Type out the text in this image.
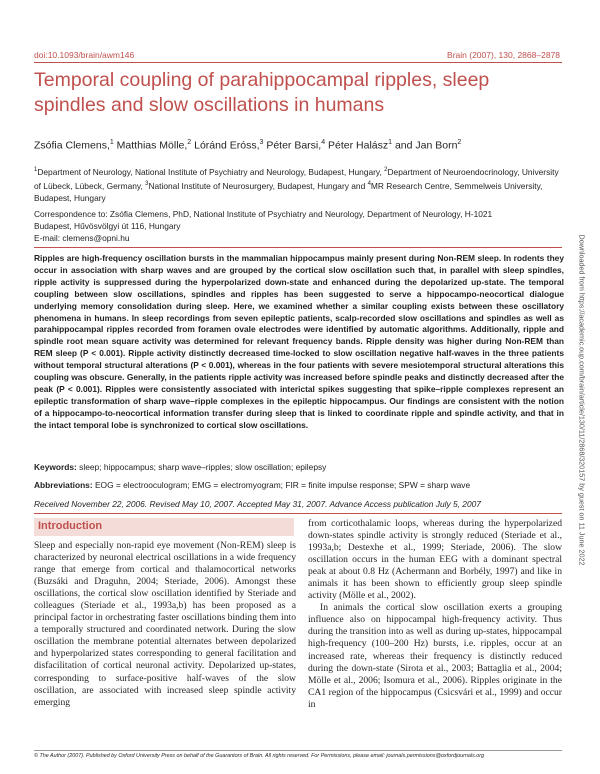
doi:10.1093/brain/awm146	Brain (2007), 130, 2868–2878
Temporal coupling of parahippocampal ripples, sleep spindles and slow oscillations in humans
Zsófia Clemens,$^1$ Matthias Mölle,$^2$ Lóránd Eróss,$^3$ Péter Barsi,$^4$ Péter Halász$^1$ and Jan Born$^2$
$^1$Department of Neurology, National Institute of Psychiatry and Neurology, Budapest, Hungary, $^2$Department of Neuroendocrinology, University of Lübeck, Lübeck, Germany, $^3$National Institute of Neurosurgery, Budapest, Hungary and $^4$MR Research Centre, Semmelweis University, Budapest, Hungary
Correspondence to: Zsófia Clemens, PhD, National Institute of Psychiatry and Neurology, Department of Neurology, H-1021
Budapest, Hűvösvölgyi út 116, Hungary
E-mail: clemens@opni.hu
Ripples are high-frequency oscillation bursts in the mammalian hippocampus mainly present during Non-REM sleep. In rodents they occur in association with sharp waves and are grouped by the cortical slow oscillation such that, in parallel with sleep spindles, ripple activity is suppressed during the hyperpolarized down-state and enhanced during the depolarized up-state. The temporal coupling between slow oscillations, spindles and ripples has been suggested to serve a hippocampo-neocortical dialogue underlying memory consolidation during sleep. Here, we examined whether a similar coupling exists between these oscillatory phenomena in humans. In sleep recordings from seven epileptic patients, scalp-recorded slow oscillations and spindles as well as parahippocampal ripples recorded from foramen ovale electrodes were identified by automatic algorithms. Additionally, ripple and spindle root mean square activity was determined for relevant frequency bands. Ripple density was higher during Non-REM than REM sleep (P < 0.001). Ripple activity distinctly decreased time-locked to slow oscillation negative half-waves in the three patients without temporal structural alterations (P < 0.001), whereas in the four patients with severe mesiotemporal structural alterations this coupling was obscure. Generally, in the patients ripple activity was increased before spindle peaks and distinctly decreased after the peak (P < 0.001). Ripples were consistently associated with interictal spikes suggesting that spike–ripple complexes represent an epileptic transformation of sharp wave–ripple complexes in the epileptic hippocampus. Our findings are consistent with the notion of a hippocampo-to-neocortical information transfer during sleep that is linked to coordinate ripple and spindle activity, and that in the intact temporal lobe is synchronized to cortical slow oscillations.
Keywords: sleep; hippocampus; sharp wave–ripples; slow oscillation; epilepsy
Abbreviations: EOG = electrooculogram; EMG = electromyogram; FIR = finite impulse response; SPW = sharp wave
Received November 22, 2006. Revised May 10, 2007. Accepted May 31, 2007. Advance Access publication July 5, 2007
Introduction

Sleep and especially non-rapid eye movement (Non-REM) sleep is characterized by neuronal electrical oscillations in a wide frequency range that emerge from cortical and thalamocortical networks (Buzsáki and Draguhn, 2004; Steriade, 2006). Amongst these oscillations, the cortical slow oscillation identified by Steriade and colleagues (Steriade et al., 1993a,b) has been proposed as a principal factor in orchestrating faster oscillations binding them into a temporally structured and coordinated network. During the slow oscillation the membrane potential alternates between depolarized and hyperpolarized states corresponding to general facilitation and disfacilitation of cortical neuronal activity. Depolarized up-states, corresponding to surface-positive half-waves of the slow oscillation, are associated with increased sleep spindle activity emerging

from corticothalamic loops, whereas during the hyperpolarized down-states spindle activity is strongly reduced (Steriade et al., 1993a,b; Destexhe et al., 1999; Steriade, 2006). The slow oscillation occurs in the human EEG with a dominant spectral peak at about 0.8 Hz (Achermann and Borbély, 1997) and like in animals it has been shown to efficiently group sleep spindle activity (Mölle et al., 2002).

In animals the cortical slow oscillation exerts a grouping influence also on hippocampal high-frequency activity. Thus during the transition into as well as during up-states, hippocampal high-frequency (100–200 Hz) bursts, i.e. ripples, occur at an increased rate, whereas their frequency is distinctly reduced during the down-state (Sirota et al., 2003; Battaglia et al., 2004; Mölle et al., 2006; Isomura et al., 2006). Ripples originate in the CA1 region of the hippocampus (Csicsvári et al., 1999) and occur in

© The Author (2007). Published by Oxford University Press on behalf of the Guarantors of Brain. All rights reserved. For Permissions, please email: journals.permissions@oxfordjournals.org
Downloaded from https://academic.oup.com/brain/article/130/11/2868/320157 by guest on 11 June 2022
